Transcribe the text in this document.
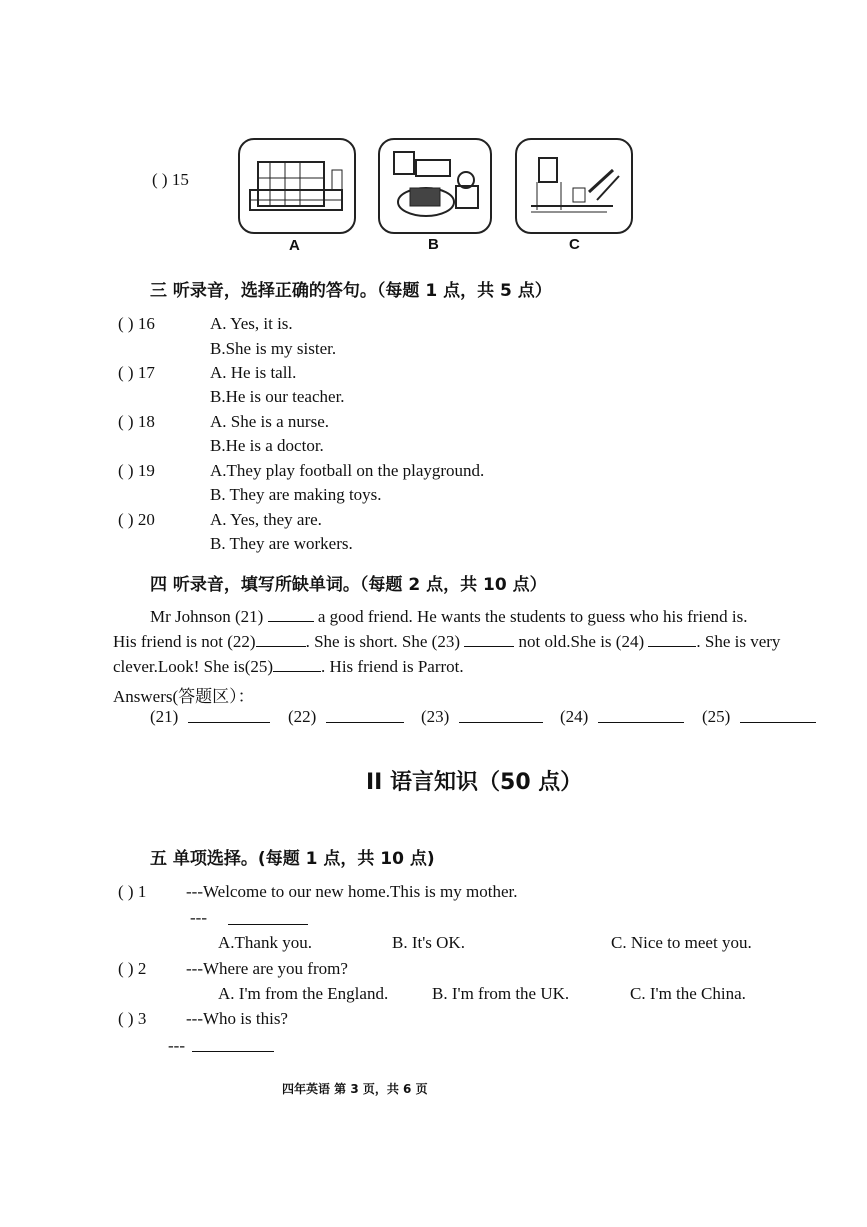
( ) 15
A	B	C
三 听录音，选择正确的答句。（每题 1 点，共 5 点）
( ) 16	A. Yes, it is.
B.She is my sister.
( ) 17	A. He is tall.
B.He is our teacher.
( ) 18	A. She is a nurse.
B.He is a doctor.
( ) 19	A.They play football on the playground.
B. They are making toys.
( ) 20	A. Yes, they are.
B. They are workers.
四 听录音，填写所缺单词。（每题 2 点，共 10 点）
Mr Johnson (21)	a good friend. He wants the students to guess who his friend is.
His friend is not (22)	. She is short. She (23)	not old.She is (24)	. She is very
clever.Look! She is(25)	. His friend is Parrot.
Answers(答题区）：
(21)	(22)	(23)	(24)	(25)
II 语言知识（50 点）
五 单项选择。(每题 1 点，共 10 点)
( ) 1 ---Welcome to our new home.This is my mother.
---
A.Thank you.	B. It's OK.	C. Nice to meet you.
( ) 2 ---Where are you from?
A. I'm from the England.	B. I'm from the UK.	C. I'm the China.
( ) 3 ---Who is this?
---
四年英语 第 3 页，共 6 页
